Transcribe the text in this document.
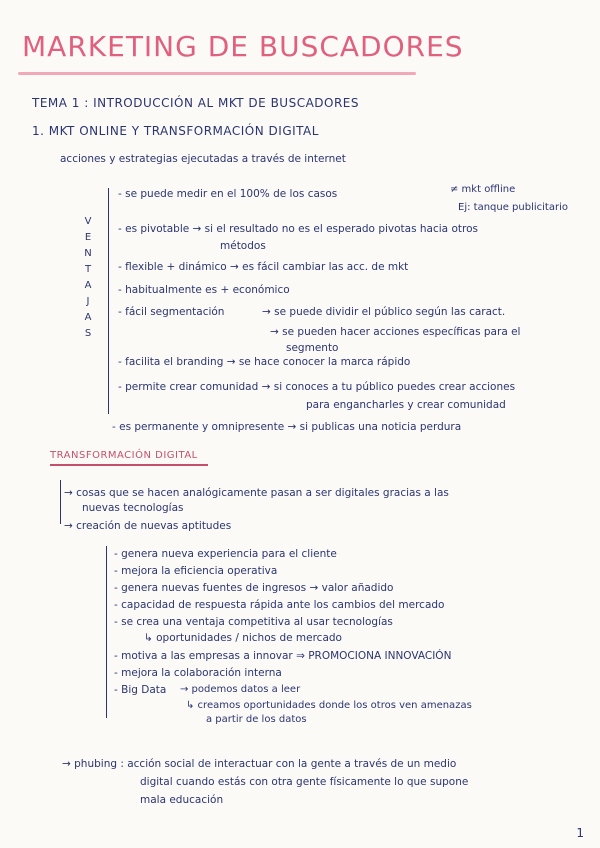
MARKETING DE BUSCADORES
TEMA 1 : INTRODUCCIÓN AL MKT DE BUSCADORES
1. MKT ONLINE Y TRANSFORMACIÓN DIGITAL
acciones y estrategias ejecutadas a través de internet
V
E
N
T
A
J
A
S
- se puede medir en el 100% de los casos	≠ mkt offline
Ej: tanque publicitario
- es pivotable → si el resultado no es el esperado pivotas hacia otros
métodos
- flexible + dinámico → es fácil cambiar las acc. de mkt
- habitualmente es + económico
- fácil segmentación	→ se puede dividir el público según las caract.
→ se pueden hacer acciones específicas para el
segmento
- facilita el branding → se hace conocer la marca rápido
- permite crear comunidad → si conoces a tu público puedes crear acciones
para engancharles y crear comunidad
- es permanente y omnipresente → si publicas una noticia perdura
TRANSFORMACIÓN DIGITAL
→ cosas que se hacen analógicamente pasan a ser digitales gracias a las
nuevas tecnologías
→ creación de nuevas aptitudes
- genera nueva experiencia para el cliente
- mejora la eficiencia operativa
- genera nuevas fuentes de ingresos → valor añadido
- capacidad de respuesta rápida ante los cambios del mercado
- se crea una ventaja competitiva al usar tecnologías
↳ oportunidades / nichos de mercado
- motiva a las empresas a innovar ⇒ PROMOCIONA INNOVACIÓN
- mejora la colaboración interna
- Big Data → podemos datos a leer
↳ creamos oportunidades donde los otros ven amenazas
a partir de los datos
→ phubing : acción social de interactuar con la gente a través de un medio
digital cuando estás con otra gente físicamente lo que supone
mala educación
1
